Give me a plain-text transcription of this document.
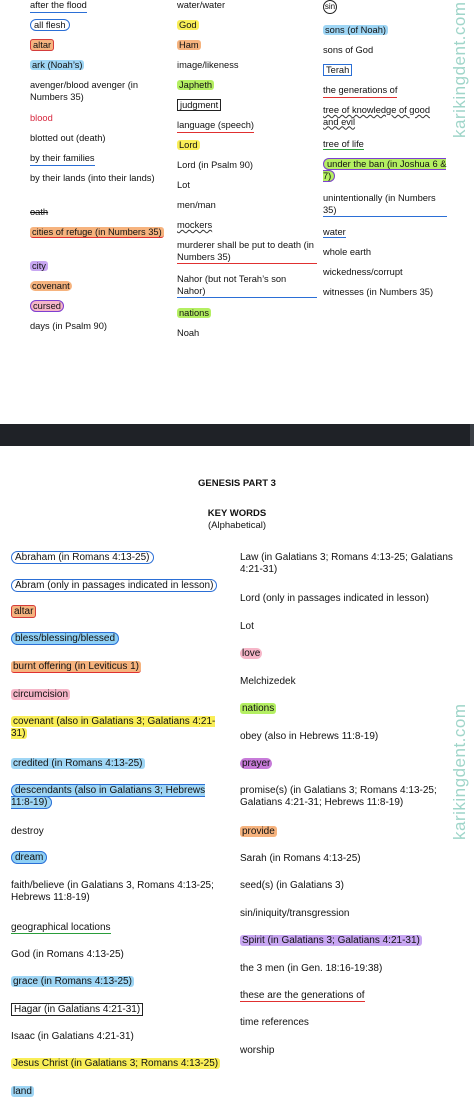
after the flood
all flesh
altar
ark (Noah’s)
avenger/blood avenger (in Numbers 35)
blood
blotted out (death)
by their families
by their lands (into their lands)
oath
cities of refuge (in Numbers 35)
city
covenant
cursed
days (in Psalm 90)
water/water
God
Ham
image/likeness
Japheth
judgment
language (speech)
Lord
Lord (in Psalm 90)
Lot
men/man
mockers
murderer shall be put to death (in Numbers 35)
Nahor (but not Terah’s son Nahor)
nations
Noah
sin
sons (of Noah)
sons of God
Terah
the generations of
tree of knowledge of good and evil
tree of life
under the ban (in Joshua 6 & 7)
unintentionally (in Numbers 35)
water
whole earth
wickedness/corrupt
witnesses (in Numbers 35)
karikingdent.com
GENESIS PART 3
KEY WORDS
(Alphabetical)
Abraham (in Romans 4:13-25)
Abram (only in passages indicated in lesson)
altar
bless/blessing/blessed
burnt offering (in Leviticus 1)
circumcision
covenant (also in Galatians 3; Galatians 4:21-31)
credited (in Romans 4:13-25)
descendants (also in Galatians 3; Hebrews 11:8-19)
destroy
dream
faith/believe (in Galatians 3, Romans 4:13-25; Hebrews 11:8-19)
geographical locations
God (in Romans 4:13-25)
grace (in Romans 4:13-25)
Hagar (in Galatians 4:21-31)
Isaac (in Galatians 4:21-31)
Jesus Christ (in Galatians 3; Romans 4:13-25)
land
Law (in Galatians 3; Romans 4:13-25; Galatians 4:21-31)
Lord (only in passages indicated in lesson)
Lot
love
Melchizedek
nations
obey (also in Hebrews 11:8-19)
prayer
promise(s) (in Galatians 3; Romans 4:13-25; Galatians 4:21-31; Hebrews 11:8-19)
provide
Sarah (in Romans 4:13-25)
seed(s) (in Galatians 3)
sin/iniquity/transgression
Spirit (in Galatians 3; Galatians 4:21-31)
the 3 men (in Gen. 18:16-19:38)
these are the generations of
time references
worship
karikingdent.com
